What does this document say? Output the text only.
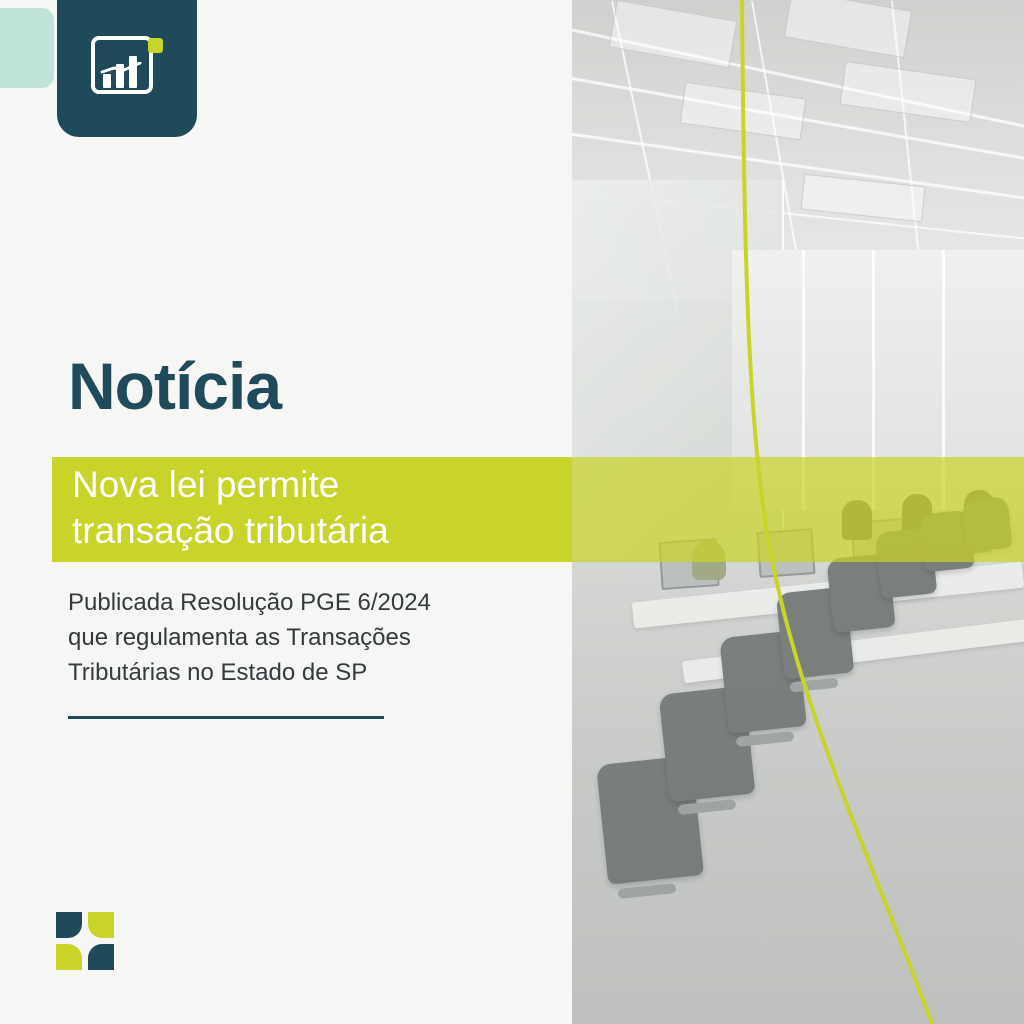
Notícia
Nova lei permite
transação tributária
Publicada Resolução PGE 6/2024
que regulamenta as Transações
Tributárias no Estado de SP
